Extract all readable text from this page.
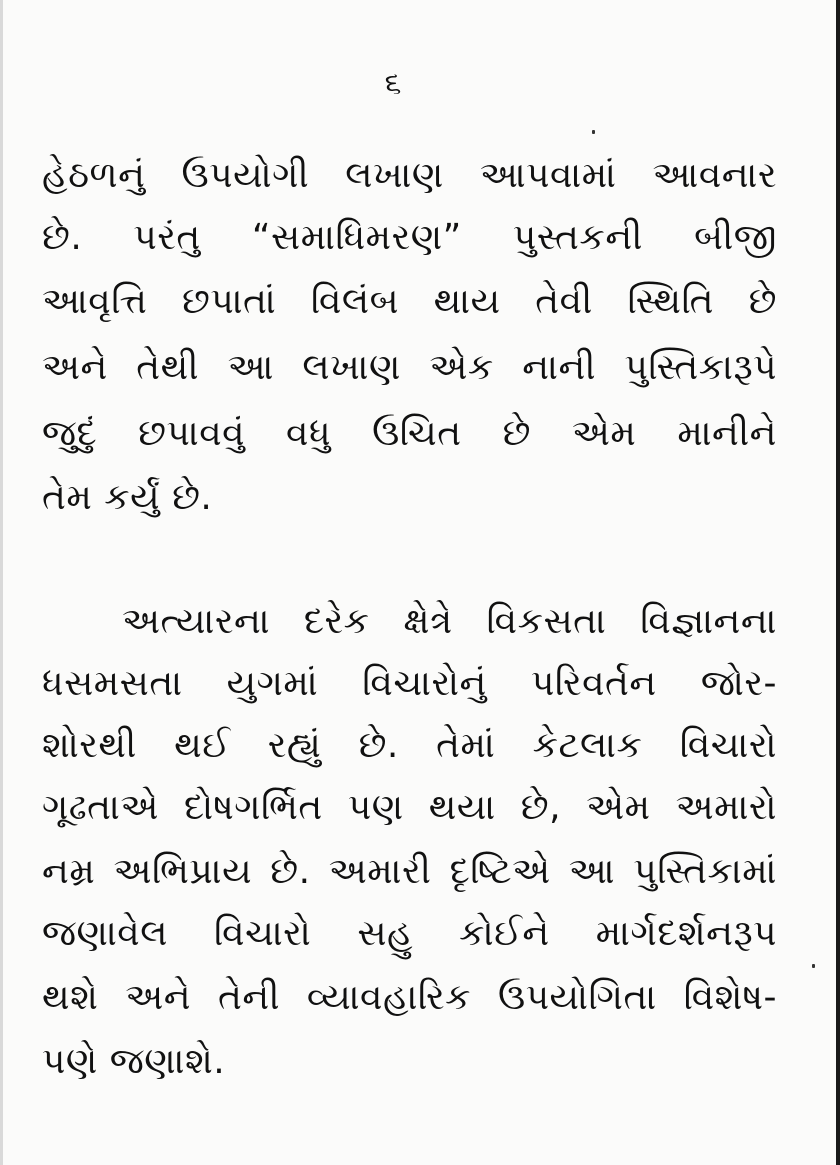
૬
હેઠળનું ઉપયોગી લખાણ આપવામાં આવનાર
છે. પરંતુ “સમાધિમરણ” પુસ્તકની બીજી
આવૃત્તિ છપાતાં વિલંબ થાય તેવી સ્થિતિ છે
અને તેથી આ લખાણ એક નાની પુસ્તિકારૂપે
જુદું છપાવવું વધુ ઉચિત છે એમ માનીને
તેમ કર્યું છે.
અત્યારના દરેક ક્ષેત્રે વિકસતા વિજ્ઞાનના
ધસમસતા યુગમાં વિચારોનું પરિવર્તન જોર-
શોરથી થઈ રહ્યું છે. તેમાં કેટલાક વિચારો
ગૂઢતાએ દોષગર્ભિત પણ થયા છે, એમ અમારો
નમ્ર અભિપ્રાય છે. અમારી દૃષ્ટિએ આ પુસ્તિકામાં
જણાવેલ વિચારો સહુ કોઈને માર્ગદર્શનરૂપ
થશે અને તેની વ્યાવહારિક ઉપયોગિતા વિશેષ-
પણે જણાશે.
